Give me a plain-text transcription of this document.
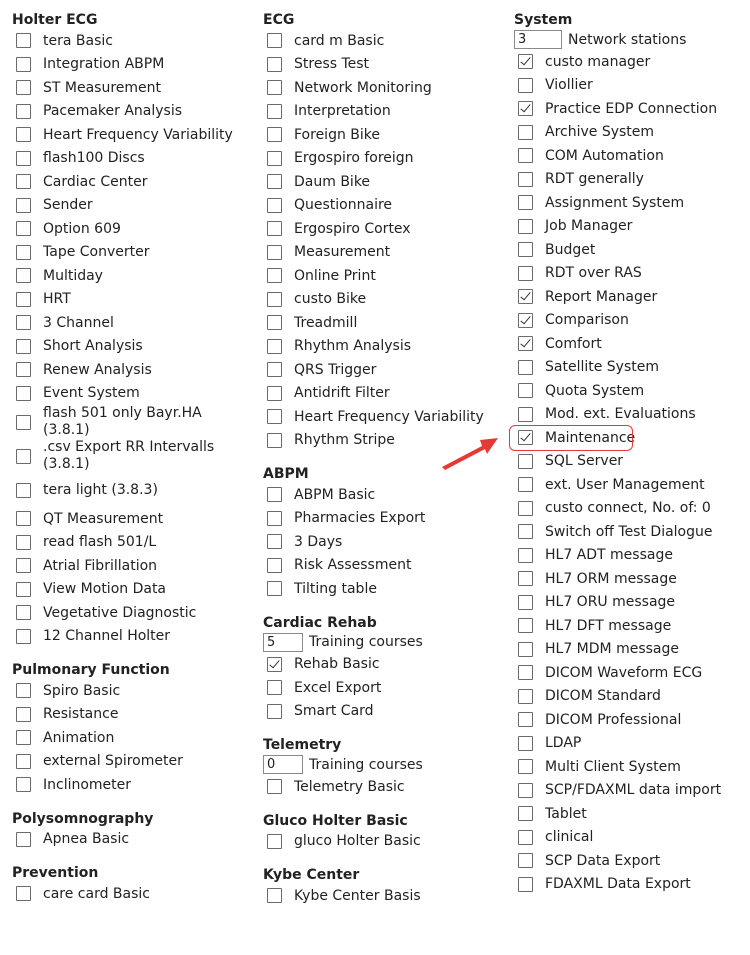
Holter ECG
tera Basic
Integration ABPM
ST Measurement
Pacemaker Analysis
Heart Frequency Variability
flash100 Discs
Cardiac Center
Sender
Option 609
Tape Converter
Multiday
HRT
3 Channel
Short Analysis
Renew Analysis
Event System
flash 501 only Bayr.HA (3.8.1)
.csv Export RR Intervalls (3.8.1)
tera light (3.8.3)
QT Measurement
read flash 501/L
Atrial Fibrillation
View Motion Data
Vegetative Diagnostic
12 Channel Holter
Pulmonary Function
Spiro Basic
Resistance
Animation
external Spirometer
Inclinometer
Polysomnography
Apnea Basic
Prevention
care card Basic
ECG
card m Basic
Stress Test
Network Monitoring
Interpretation
Foreign Bike
Ergospiro foreign
Daum Bike
Questionnaire
Ergospiro Cortex
Measurement
Online Print
custo Bike
Treadmill
Rhythm Analysis
QRS Trigger
Antidrift Filter
Heart Frequency Variability
Rhythm Stripe
ABPM
ABPM Basic
Pharmacies Export
3 Days
Risk Assessment
Tilting table
Cardiac Rehab
5
Training courses
Rehab Basic
Excel Export
Smart Card
Telemetry
0
Training courses
Telemetry Basic
Gluco Holter Basic
gluco Holter Basic
Kybe Center
Kybe Center Basis
System
3
Network stations
custo manager
Viollier
Practice EDP Connection
Archive System
COM Automation
RDT generally
Assignment System
Job Manager
Budget
RDT over RAS
Report Manager
Comparison
Comfort
Satellite System
Quota System
Mod. ext. Evaluations
Maintenance
SQL Server
ext. User Management
custo connect, No. of: 0
Switch off Test Dialogue
HL7 ADT message
HL7 ORM message
HL7 ORU message
HL7 DFT message
HL7 MDM message
DICOM Waveform ECG
DICOM Standard
DICOM Professional
LDAP
Multi Client System
SCP/FDAXML data import
Tablet
clinical
SCP Data Export
FDAXML Data Export
